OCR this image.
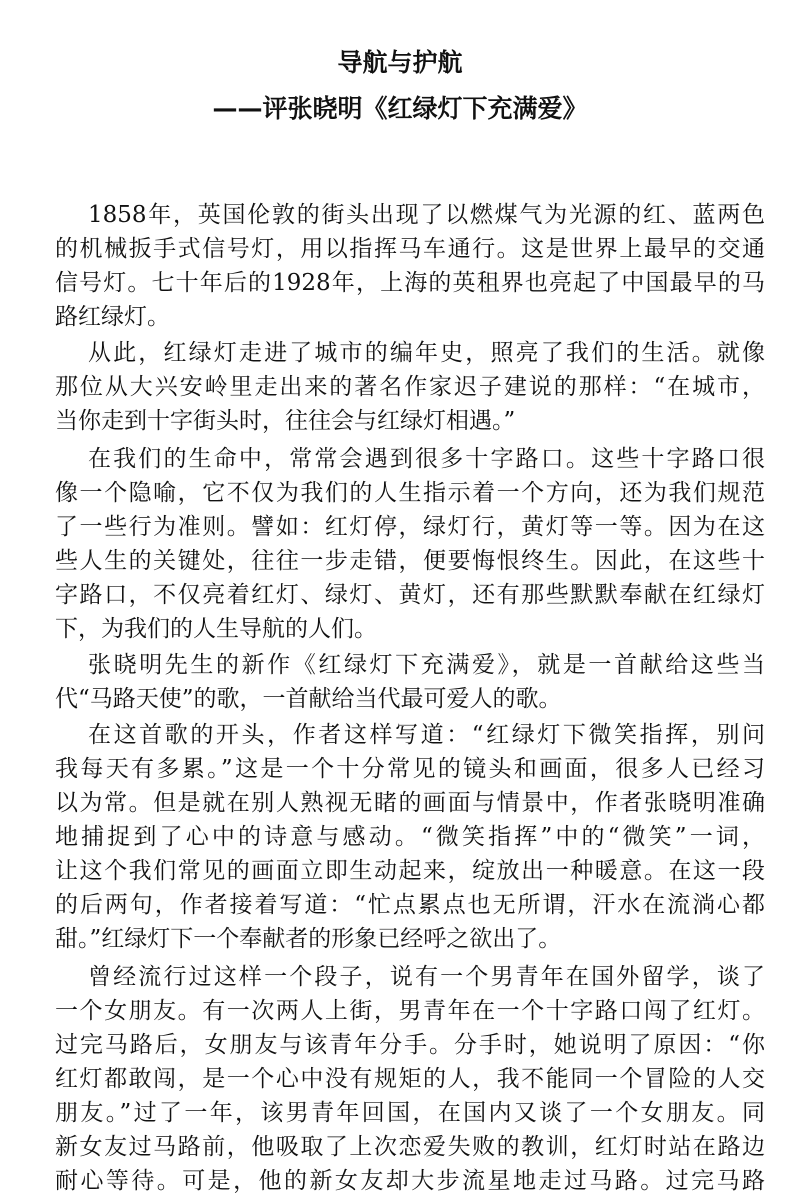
导航与护航
——评张晓明《红绿灯下充满爱》
1858年，英国伦敦的街头出现了以燃煤气为光源的红、蓝两色
的机械扳手式信号灯，用以指挥马车通行。这是世界上最早的交通
信号灯。七十年后的1928年，上海的英租界也亮起了中国最早的马
路红绿灯。
从此，红绿灯走进了城市的编年史，照亮了我们的生活。就像
那位从大兴安岭里走出来的著名作家迟子建说的那样：“在城市，
当你走到十字街头时，往往会与红绿灯相遇。”
在我们的生命中，常常会遇到很多十字路口。这些十字路口很
像一个隐喻，它不仅为我们的人生指示着一个方向，还为我们规范
了一些行为准则。譬如：红灯停，绿灯行，黄灯等一等。因为在这
些人生的关键处，往往一步走错，便要悔恨终生。因此，在这些十
字路口，不仅亮着红灯、绿灯、黄灯，还有那些默默奉献在红绿灯
下，为我们的人生导航的人们。
张晓明先生的新作《红绿灯下充满爱》，就是一首献给这些当
代“马路天使”的歌，一首献给当代最可爱人的歌。
在这首歌的开头，作者这样写道：“红绿灯下微笑指挥，别问
我每天有多累。”这是一个十分常见的镜头和画面，很多人已经习
以为常。但是就在别人熟视无睹的画面与情景中，作者张晓明准确
地捕捉到了心中的诗意与感动。“微笑指挥”中的“微笑”一词，
让这个我们常见的画面立即生动起来，绽放出一种暖意。在这一段
的后两句，作者接着写道：“忙点累点也无所谓，汗水在流淌心都
甜。”红绿灯下一个奉献者的形象已经呼之欲出了。
曾经流行过这样一个段子，说有一个男青年在国外留学，谈了
一个女朋友。有一次两人上街，男青年在一个十字路口闯了红灯。
过完马路后，女朋友与该青年分手。分手时，她说明了原因：“你
红灯都敢闯，是一个心中没有规矩的人，我不能同一个冒险的人交
朋友。”过了一年，该男青年回国，在国内又谈了一个女朋友。同
新女友过马路前，他吸取了上次恋爱失败的教训，红灯时站在路边
耐心等待。可是，他的新女友却大步流星地走过马路。过完马路
